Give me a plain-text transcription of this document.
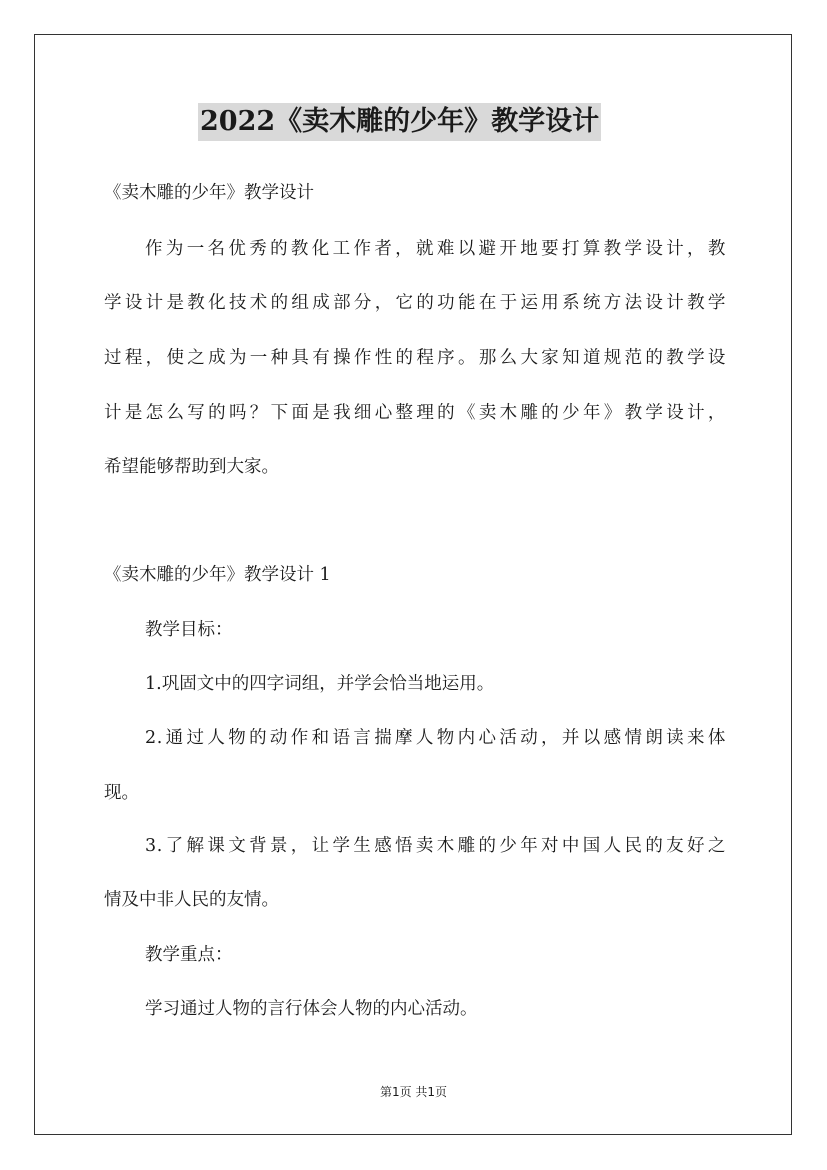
2022《卖木雕的少年》教学设计
《卖木雕的少年》教学设计
作为一名优秀的教化工作者，就难以避开地要打算教学设计，教
学设计是教化技术的组成部分，它的功能在于运用系统方法设计教学
过程，使之成为一种具有操作性的程序。那么大家知道规范的教学设
计是怎么写的吗？下面是我细心整理的《卖木雕的少年》教学设计，
希望能够帮助到大家。
《卖木雕的少年》教学设计 1
教学目标：
1.巩固文中的四字词组，并学会恰当地运用。
2.通过人物的动作和语言揣摩人物内心活动，并以感情朗读来体
现。
3.了解课文背景，让学生感悟卖木雕的少年对中国人民的友好之
情及中非人民的友情。
教学重点：
学习通过人物的言行体会人物的内心活动。
第1页 共1页
